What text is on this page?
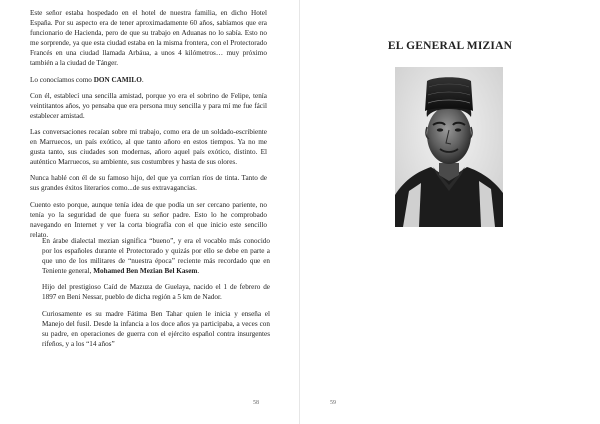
Este señor estaba hospedado en el hotel de nuestra familia, en dicho Hotel España. Por su aspecto era de tener aproximadamente 60 años, sabíamos que era funcionario de Hacienda, pero de que su trabajo en Aduanas no lo sabía. Esto no me sorprende, ya que esta ciudad estaba en la misma frontera, con el Protectorado Francés en una ciudad llamada Arbáua, a unos 4 kilómetros… muy próximo también a la ciudad de Tánger.

Lo conocíamos como DON CAMILO.

Con él, establecí una sencilla amistad, porque yo era el sobrino de Felipe, tenía veintitantos años, yo pensaba que era persona muy sencilla y para mí me fue fácil establecer amistad.

Las conversaciones recaían sobre mi trabajo, como era de un soldado-escribiente en Marruecos, un país exótico, al que tanto añoro en estos tiempos. Ya no me gusta tanto, sus ciudades son modernas, añoro aquel país exótico, distinto. El auténtico Marruecos, su ambiente, sus costumbres y hasta de sus olores.

Nunca hablé con él de su famoso hijo, del que ya corrían ríos de tinta. Tanto de sus grandes éxitos literarios como...de sus extravagancias.

Cuento esto porque, aunque tenía idea de que podía un ser cercano pariente, no tenía yo la seguridad de que fuera su señor padre. Esto lo he comprobado navegando en Internet y ver la corta biografía con el que inicio este sencillo relato.

EL GENERAL MIZIAN

En árabe dialectal mezian significa “bueno”, y era el vocablo más conocido por los españoles durante el Protectorado y quizás por ello se debe en parte a que uno de los militares de “nuestra época” reciente más recordado que en Teniente general, Mohamed Ben Mezian Bel Kasem.

Hijo del prestigioso Caíd de Mazuza de Guelaya, nacido el 1 de febrero de 1897 en Beni Nessar, pueblo de dicha región a 5 km de Nador.

Curiosamente es su madre Fátima Ben Tahar quien le inicia y enseña el Manejo del fusil. Desde la infancia a los doce años ya participaba, a veces con su padre, en operaciones de guerra con el ejército español contra insurgentes rifeños, y a los “14 años”

58	59
